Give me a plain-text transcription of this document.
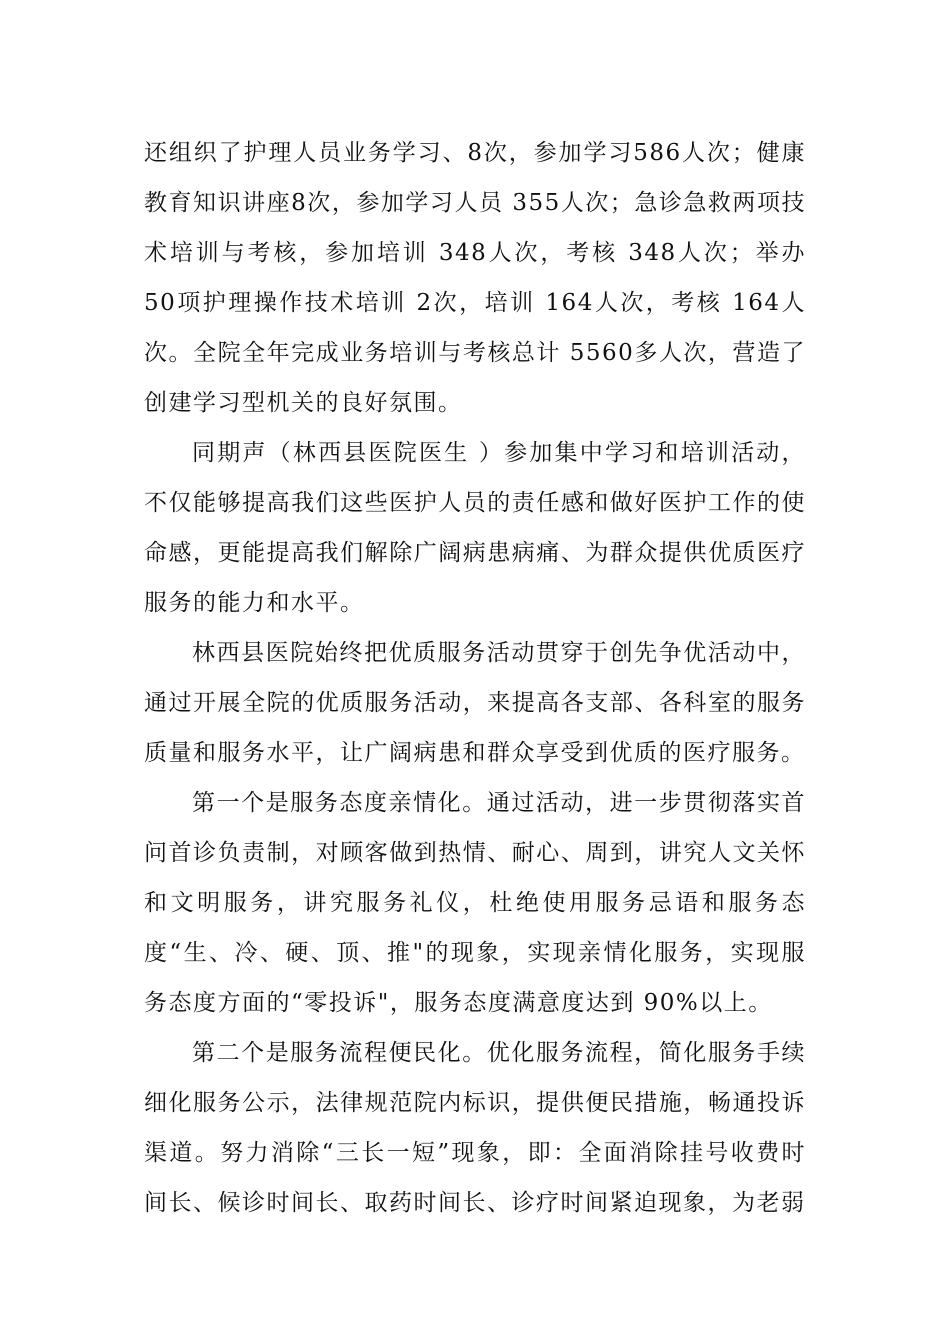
还组织了护理人员业务学习、8次，参加学习586人次；健康教育知识讲座8次，参加学习人员 355人次；急诊急救两项技术培训与考核，参加培训 348人次，考核 348人次；举办 50项护理操作技术培训 2次，培训 164人次，考核 164人次。全院全年完成业务培训与考核总计 5560多人次，营造了创建学习型机关的良好氛围。

同期声（林西县医院医生 ）参加集中学习和培训活动，不仅能够提高我们这些医护人员的责任感和做好医护工作的使命感，更能提高我们解除广阔病患病痛、为群众提供优质医疗服务的能力和水平。

林西县医院始终把优质服务活动贯穿于创先争优活动中，通过开展全院的优质服务活动，来提高各支部、各科室的服务质量和服务水平，让广阔病患和群众享受到优质的医疗服务。

第一个是服务态度亲情化。通过活动，进一步贯彻落实首问首诊负责制，对顾客做到热情、耐心、周到，讲究人文关怀和文明服务，讲究服务礼仪，杜绝使用服务忌语和服务态度“生、冷、硬、顶、推"的现象，实现亲情化服务，实现服务态度方面的“零投诉"，服务态度满意度达到 90%以上。

第二个是服务流程便民化。优化服务流程，简化服务手续细化服务公示，法律规范院内标识，提供便民措施，畅通投诉渠道。努力消除“三长一短”现象，即：全面消除挂号收费时间长、候诊时间长、取药时间长、诊疗时间紧迫现象，为老弱
